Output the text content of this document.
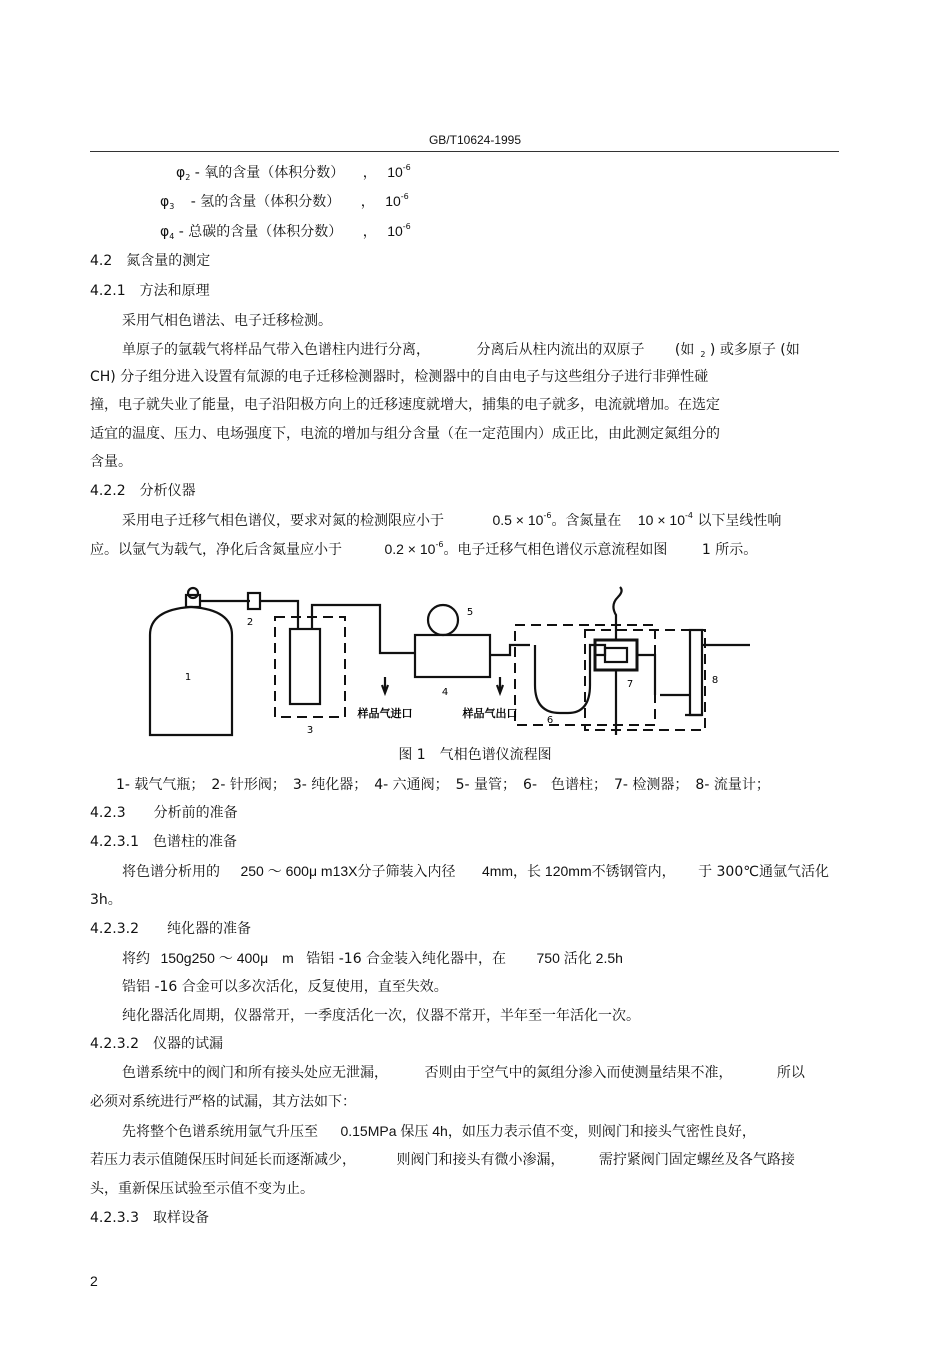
GB/T10624-1995
$\varphi_2$ - 氧的含量（体积分数） ， $10^{-6}$
$\varphi_3$ - 氢的含量（体积分数） ， $10^{-6}$
$\varphi_4$ - 总碳的含量（体积分数） ， $10^{-6}$
4.2　氮含量的测定
4.2.1　方法和原理
采用气相色谱法、电子迁移检测。
单原子的氩载气将样品气带入色谱柱内进行分离，	分离后从柱内流出的双原子 (如 $_2$ ) 或多原子 (如
CH) 分子组分进入设置有氚源的电子迁移检测器时，检测器中的自由电子与这些组分子进行非弹性碰
撞，电子就失业了能量，电子沿阳极方向上的迁移速度就增大，捕集的电子就多，电流就增加。在选定
适宜的温度、压力、电场强度下，电流的增加与组分含量（在一定范围内）成正比，由此测定氮组分的
含量。
4.2.2　分析仪器
采用电子迁移气相色谱仪，要求对氮的检测限应小于	$0.5 \times 10^{-6}$。含氮量在 $10 \times 10^{-4}$ 以下呈线性响
应。以氩气为载气，净化后含氮量应小于	$0.2 \times 10^{-6}$。电子迁移气相色谱仪示意流程如图 1 所示。
1
2
3
4
5
6
7	8
样品气进口	样品气出口
图 1　气相色谱仪流程图
1- 载气气瓶；　2- 针形阀；　3- 纯化器；　4- 六通阀；　5- 量管；　6-　色谱柱；　7- 检测器；　8- 流量计；
4.2.3　　分析前的准备
4.2.3.1　色谱柱的准备
将色谱分析用的 250 ～ 600μ m13X分子筛装入内径 4mm，长 120mm不锈钢管内， 于 300℃通氩气活化
3h。
4.2.3.2　　纯化器的准备
将约 150g250 ～ 400μ　m 锆铝 -16 合金装入纯化器中，在 750 活化 2.5h
锆铝 -16 合金可以多次活化，反复使用，直至失效。
纯化器活化周期，仪器常开，一季度活化一次，仪器不常开，半年至一年活化一次。
4.2.3.2　仪器的试漏
色谱系统中的阀门和所有接头处应无泄漏，	否则由于空气中的氮组分渗入而使测量结果不准，	所以
必须对系统进行严格的试漏，其方法如下：
先将整个色谱系统用氩气升压至 0.15MPa 保压 4h，如压力表示值不变，则阀门和接头气密性良好，
若压力表示值随保压时间延长而逐渐减少，	则阀门和接头有微小渗漏， 需拧紧阀门固定螺丝及各气路接
头，重新保压试验至示值不变为止。
4.2.3.3　取样设备
2
